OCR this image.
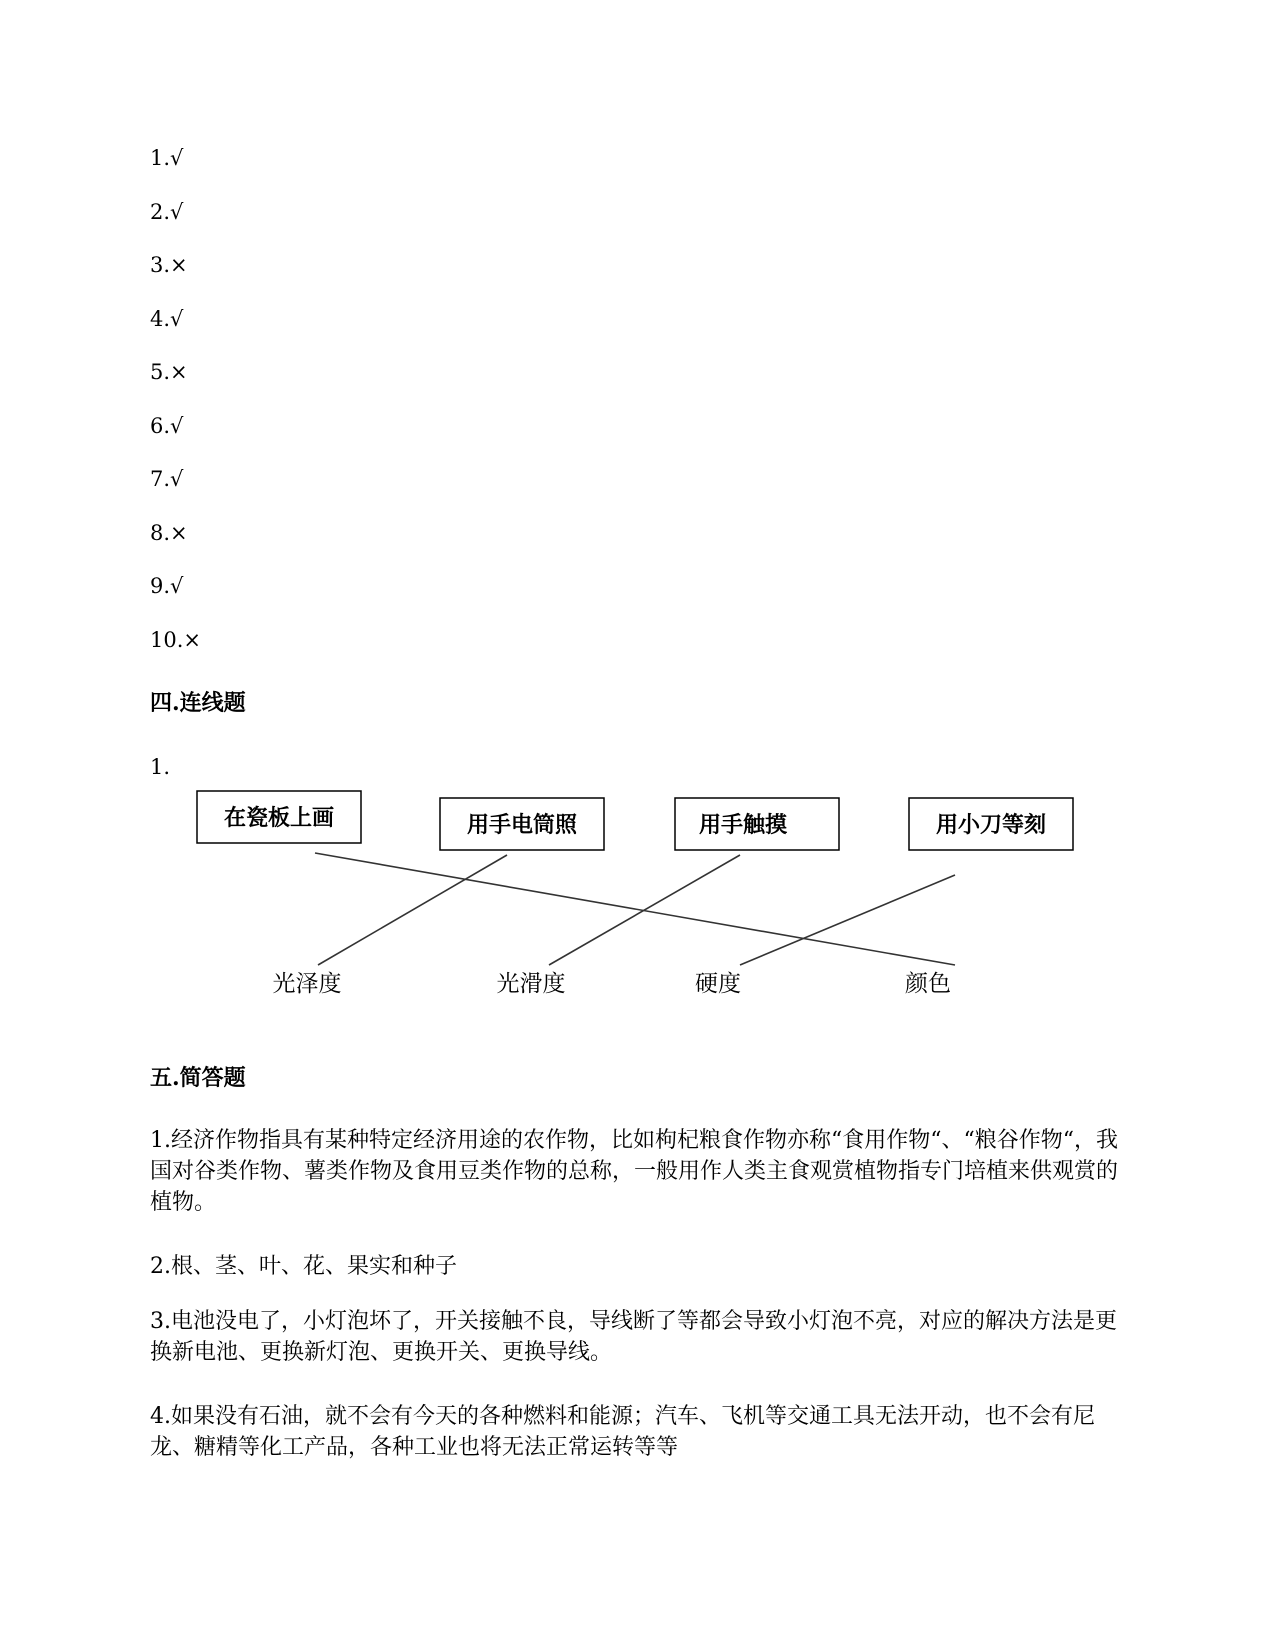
1.√
2.√
3.×
4.√
5.×
6.√
7.√
8.×
9.√
10.×
四.连线题
1.
在瓷板上画	用手电筒照	用手触摸	用小刀等刻
光泽度	光滑度	硬度	颜色
五.简答题

1.经济作物指具有某种特定经济用途的农作物，比如枸杞粮食作物亦称“食用作物“、“粮谷作物“，我国对谷类作物、薯类作物及食用豆类作物的总称，一般用作人类主食观赏植物指专门培植来供观赏的植物。

2.根、茎、叶、花、果实和种子

3.电池没电了，小灯泡坏了，开关接触不良，导线断了等都会导致小灯泡不亮，对应的解决方法是更换新电池、更换新灯泡、更换开关、更换导线。

4.如果没有石油，就不会有今天的各种燃料和能源；汽车、飞机等交通工具无法开动，也不会有尼龙、糖精等化工产品，各种工业也将无法正常运转等等
